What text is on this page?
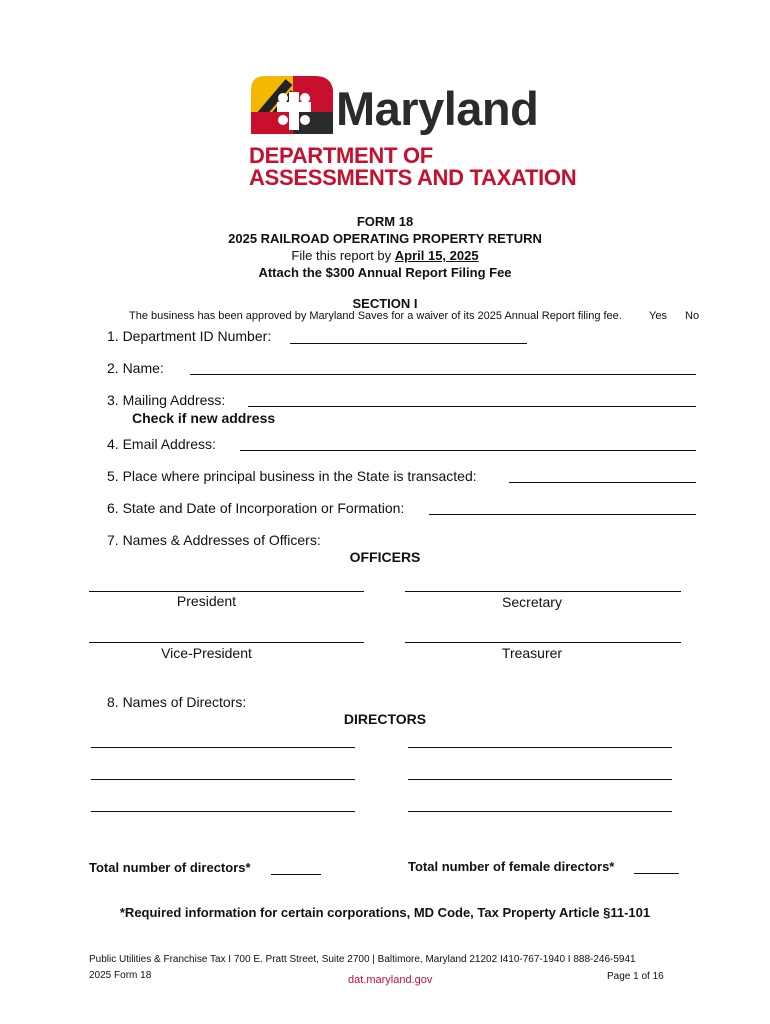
Maryland
DEPARTMENT OF
ASSESSMENTS AND TAXATION
FORM 18
2025 RAILROAD OPERATING PROPERTY RETURN
File this report by April 15, 2025
Attach the $300 Annual Report Filing Fee
SECTION I
The business has been approved by Maryland Saves for a waiver of its 2025 Annual Report filing fee. Yes No
1. Department ID Number:
2. Name:
3. Mailing Address:
Check if new address
4. Email Address:
5. Place where principal business in the State is transacted:
6. State and Date of Incorporation or Formation:
7. Names & Addresses of Officers:
OFFICERS
President	Secretary
Vice-President	Treasurer
8. Names of Directors:
DIRECTORS
Total number of directors*	Total number of female directors*
*Required information for certain corporations, MD Code, Tax Property Article §11-101
Public Utilities & Franchise Tax I 700 E. Pratt Street, Suite 2700 | Baltimore, Maryland 21202 I410-767-1940 I 888-246-5941
2025 Form 18	dat.maryland.gov	Page 1 of 16
